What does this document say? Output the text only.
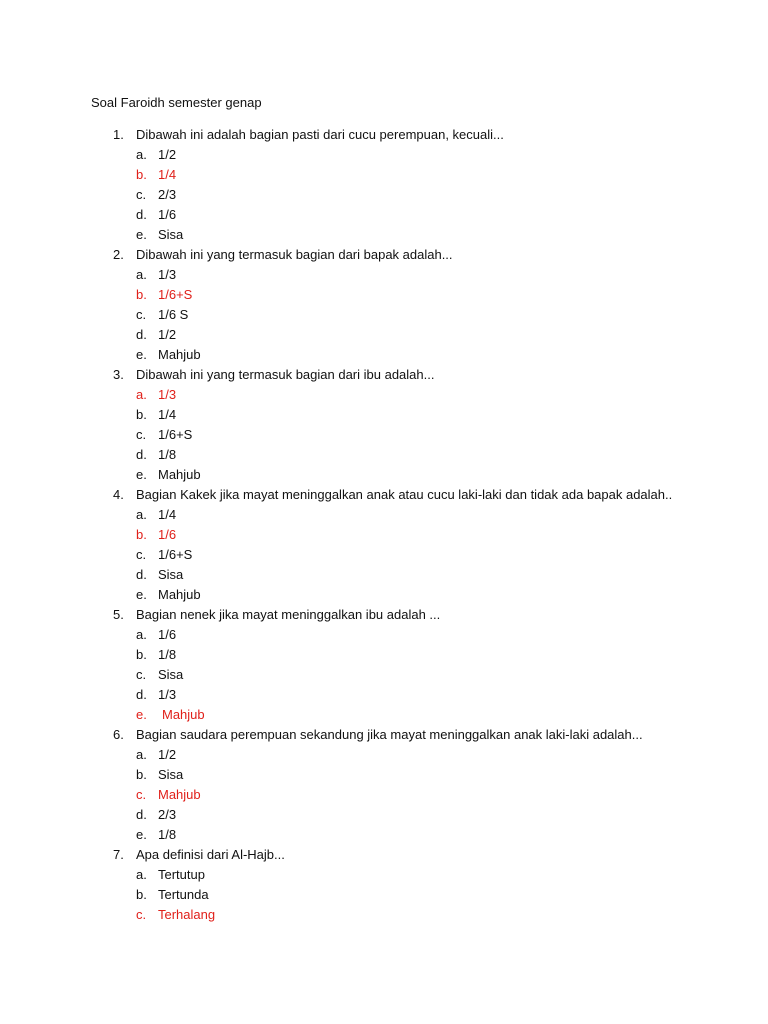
Soal Faroidh semester genap
1. Dibawah ini adalah bagian pasti dari cucu perempuan, kecuali...
a. 1/2
b. 1/4
c. 2/3
d. 1/6
e. Sisa
2. Dibawah ini yang termasuk bagian dari bapak adalah...
a. 1/3
b. 1/6+S
c. 1/6 S
d. 1/2
e. Mahjub
3. Dibawah ini yang termasuk bagian dari ibu adalah...
a. 1/3
b. 1/4
c. 1/6+S
d. 1/8
e. Mahjub
4. Bagian Kakek jika mayat meninggalkan anak atau cucu laki-laki dan tidak ada bapak adalah..
a. 1/4
b. 1/6
c. 1/6+S
d. Sisa
e. Mahjub
5. Bagian nenek jika mayat meninggalkan ibu adalah ...
a. 1/6
b. 1/8
c. Sisa
d. 1/3
e. Mahjub
6. Bagian saudara perempuan sekandung jika mayat meninggalkan anak laki-laki adalah...
a. 1/2
b. Sisa
c. Mahjub
d. 2/3
e. 1/8
7. Apa definisi dari Al-Hajb...
a. Tertutup
b. Tertunda
c. Terhalang
